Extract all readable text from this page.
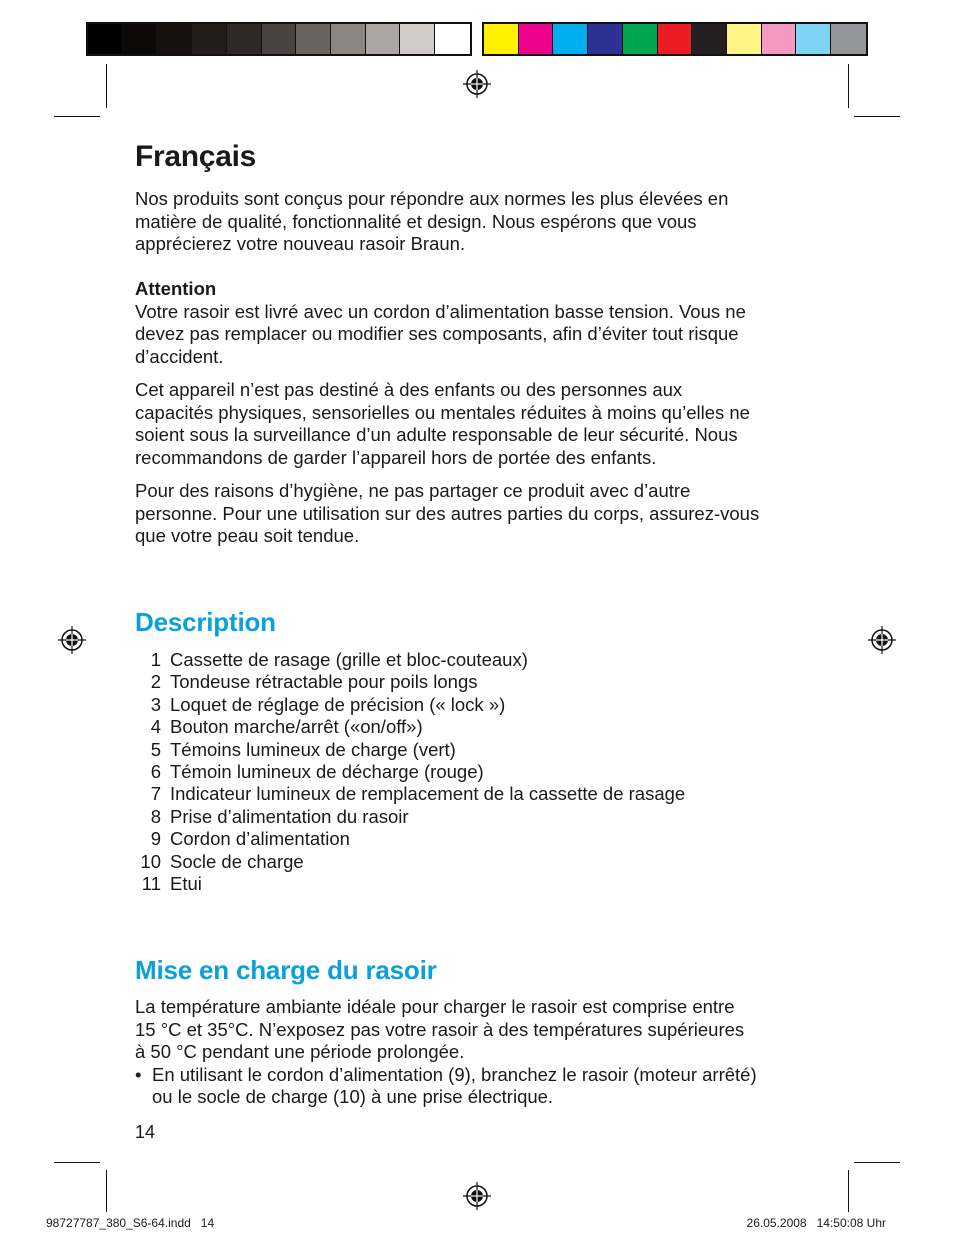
Français

Nos produits sont conçus pour répondre aux normes les plus élevées en

matière de qualité, fonctionnalité et design. Nous espérons que vous

apprécierez votre nouveau rasoir Braun.

Attention

Votre rasoir est livré avec un cordon d’alimentation basse tension. Vous ne

devez pas remplacer ou modifier ses composants, afin d’éviter tout risque

d’accident.

Cet appareil n’est pas destiné à des enfants ou des personnes aux

capacités physiques, sensorielles ou mentales réduites à moins qu’elles ne

soient sous la surveillance d’un adulte responsable de leur sécurité. Nous

recommandons de garder l’appareil hors de portée des enfants.

Pour des raisons d’hygiène, ne pas partager ce produit avec d’autre

personne. Pour une utilisation sur des autres parties du corps, assurez-vous

que votre peau soit tendue.

Description
1 Cassette de rasage (grille et bloc-couteaux)
2 Tondeuse rétractable pour poils longs
3 Loquet de réglage de précision (« lock »)
4 Bouton marche/arrêt («on/off»)
5 Témoins lumineux de charge (vert)
6 Témoin lumineux de décharge (rouge)
7 Indicateur lumineux de remplacement de la cassette de rasage
8 Prise d’alimentation du rasoir
9 Cordon d’alimentation
10 Socle de charge
11 Etui
Mise en charge du rasoir

La température ambiante idéale pour charger le rasoir est comprise entre

15 °C et 35°C. N’exposez pas votre rasoir à des températures supérieures

à 50 °C pendant une période prolongée.

• En utilisant le cordon d’alimentation (9), branchez le rasoir (moteur arrêté)

ou le socle de charge (10) à une prise électrique.

14
98727787_380_S6-64.indd   14	26.05.2008   14:50:08 Uhr
